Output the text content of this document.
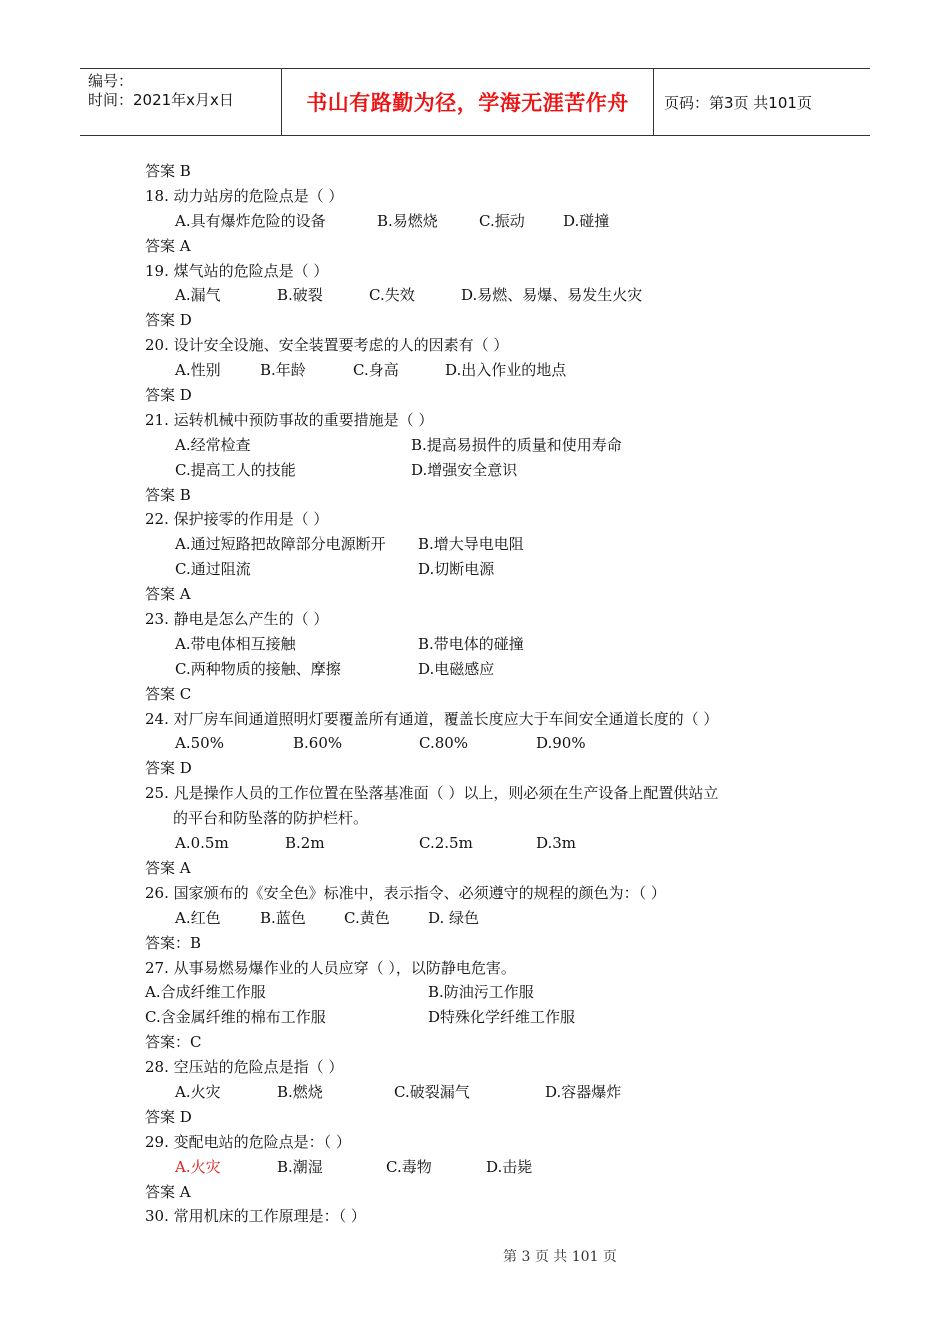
编号：
时间：2021年x月x日	书山有路勤为径，学海无涯苦作舟	页码：第3页 共101页
答案 B
18. 动力站房的危险点是（ ）
A.具有爆炸危险的设备	B.易燃烧	C.振动	D.碰撞
答案 A
19. 煤气站的危险点是（ ）
A.漏气	B.破裂	C.失效	D.易燃、易爆、易发生火灾
答案 D
20. 设计安全设施、安全装置要考虑的人的因素有（ ）
A.性别	B.年龄	C.身高	D.出入作业的地点
答案 D
21. 运转机械中预防事故的重要措施是（ ）
A.经常检查	B.提高易损件的质量和使用寿命
C.提高工人的技能	D.增强安全意识
答案 B
22. 保护接零的作用是（ ）
A.通过短路把故障部分电源断开 B.增大导电电阻
C.通过阻流	D.切断电源
答案 A
23. 静电是怎么产生的（ ）
A.带电体相互接触	B.带电体的碰撞
C.两种物质的接触、摩擦	D.电磁感应
答案 C
24. 对厂房车间通道照明灯要覆盖所有通道，覆盖长度应大于车间安全通道长度的（ ）
A.50%	B.60%	C.80%	D.90%
答案 D
25. 凡是操作人员的工作位置在坠落基准面（ ）以上，则必须在生产设备上配置供站立
的平台和防坠落的防护栏杆。
A.0.5m	B.2m	C.2.5m	D.3m
答案 A
26. 国家颁布的《安全色》标准中，表示指令、必须遵守的规程的颜色为：（ ）
A.红色	B.蓝色	C.黄色	D. 绿色
答案：B
27. 从事易燃易爆作业的人员应穿（ ），以防静电危害。
A.合成纤维工作服	B.防油污工作服
C.含金属纤维的棉布工作服	D特殊化学纤维工作服
答案：C
28. 空压站的危险点是指（ ）
A.火灾	B.燃烧	C.破裂漏气	D.容器爆炸
答案 D
29. 变配电站的危险点是：（ ）
A.火灾	B.潮湿	C.毒物	D.击毙
答案 A
30. 常用机床的工作原理是：（ ）
第 3 页 共 101 页
